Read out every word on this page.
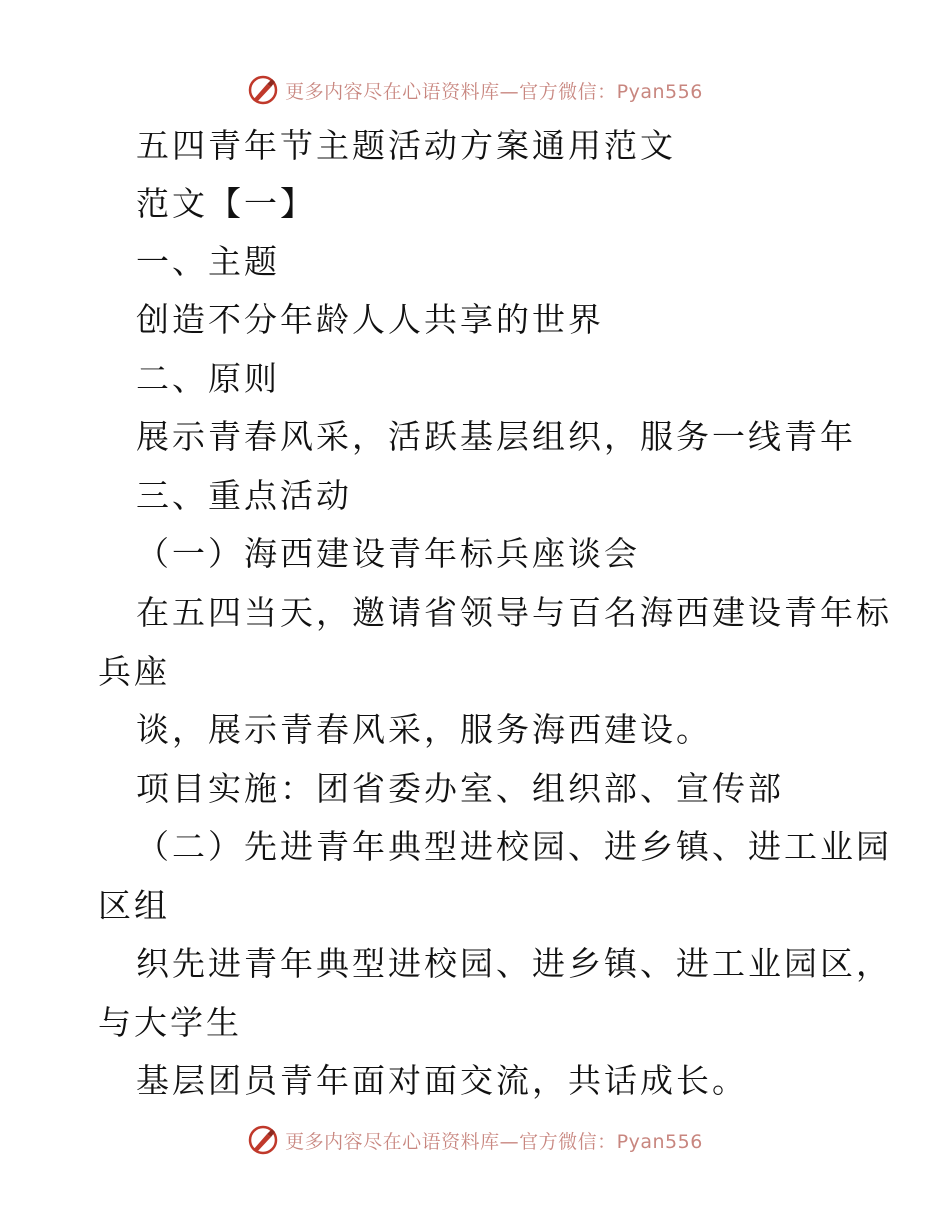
更多内容尽在心语资料库—官方微信：Pyan556

五四青年节主题活动方案通用范文

范文【一】

一、主题

创造不分年龄人人共享的世界

二、原则

展示青春风采，活跃基层组织，服务一线青年

三、重点活动

（一）海西建设青年标兵座谈会

在五四当天，邀请省领导与百名海西建设青年标

兵座

谈，展示青春风采，服务海西建设。

项目实施：团省委办室、组织部、宣传部

（二）先进青年典型进校园、进乡镇、进工业园

区组

织先进青年典型进校园、进乡镇、进工业园区，

与大学生

基层团员青年面对面交流，共话成长。

更多内容尽在心语资料库—官方微信：Pyan556
